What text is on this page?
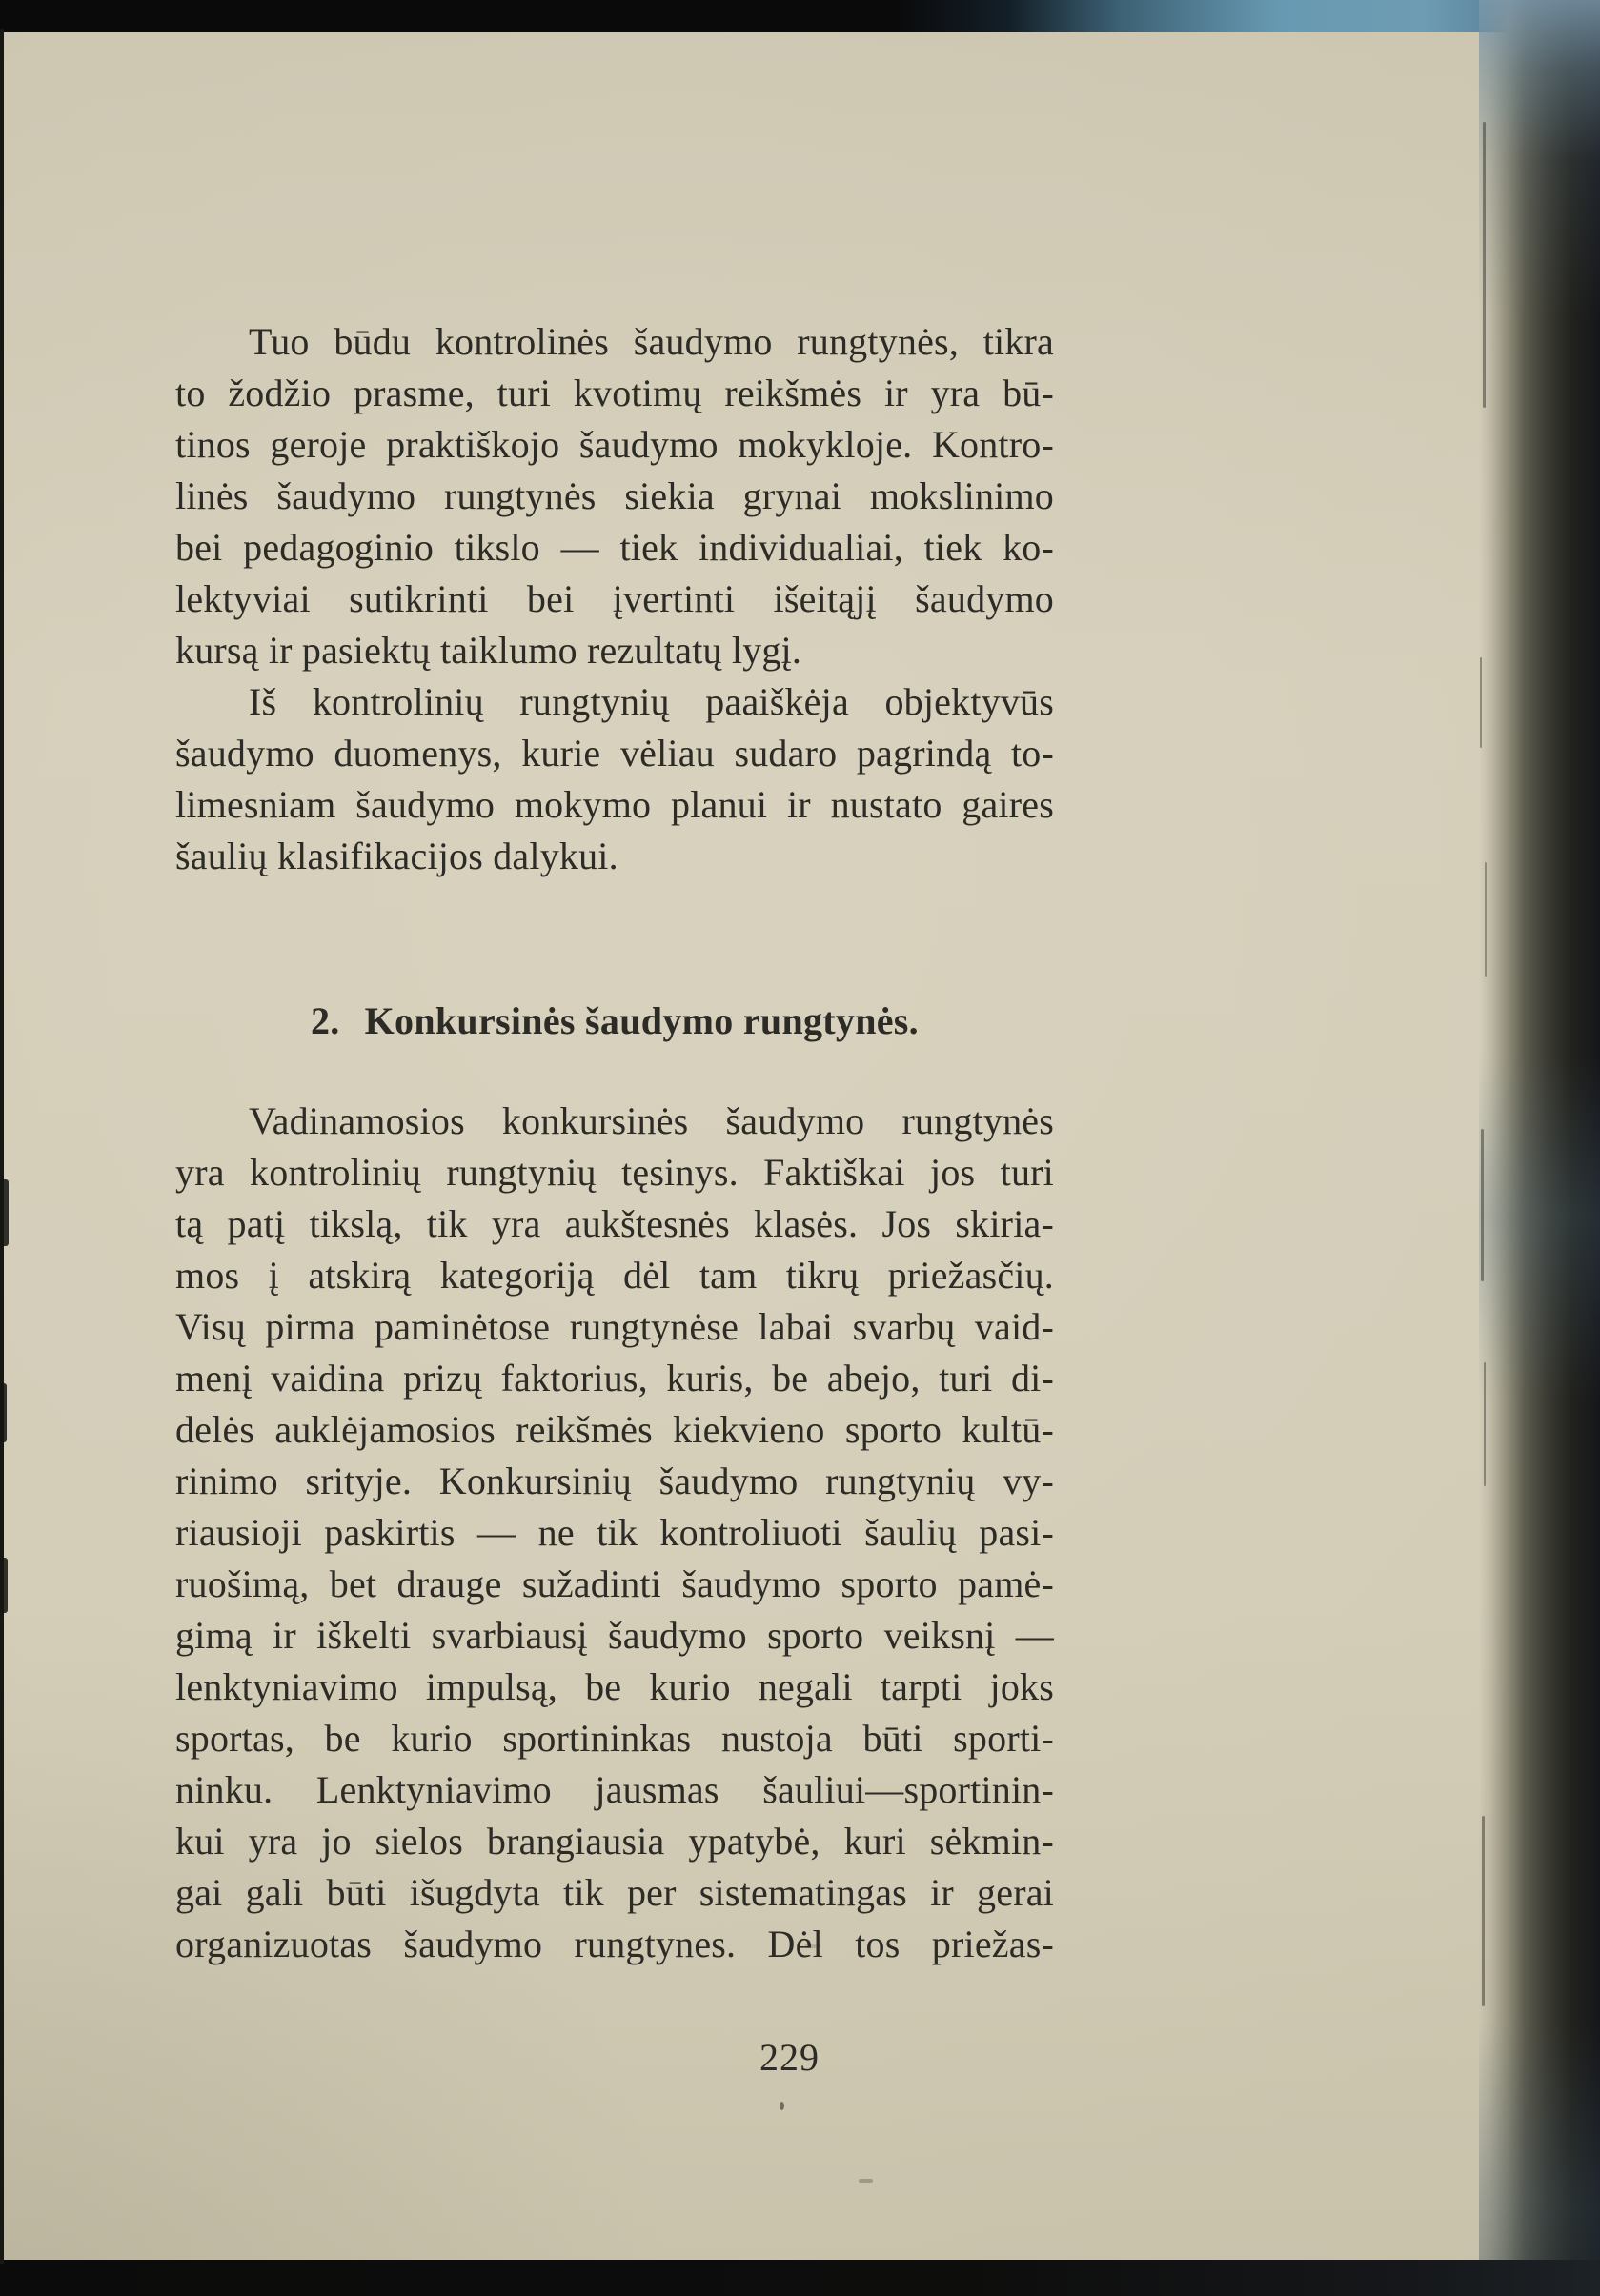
Tuo būdu kontrolinės šaudymo rungtynės, tikra
to žodžio prasme, turi kvotimų reikšmės ir yra bū-
tinos geroje praktiškojo šaudymo mokykloje. Kontro-
linės šaudymo rungtynės siekia grynai mokslinimo
bei pedagoginio tikslo — tiek individualiai, tiek ko-
lektyviai sutikrinti bei įvertinti išeitąjį šaudymo
kursą ir pasiektų taiklumo rezultatų lygį.
Iš kontrolinių rungtynių paaiškėja objektyvūs
šaudymo duomenys, kurie vėliau sudaro pagrindą to-
limesniam šaudymo mokymo planui ir nustato gaires
šaulių klasifikacijos dalykui.
2. Konkursinės šaudymo rungtynės.
Vadinamosios konkursinės šaudymo rungtynės
yra kontrolinių rungtynių tęsinys. Faktiškai jos turi
tą patį tikslą, tik yra aukštesnės klasės. Jos skiria-
mos į atskirą kategoriją dėl tam tikrų priežasčių.
Visų pirma paminėtose rungtynėse labai svarbų vaid-
menį vaidina prizų faktorius, kuris, be abejo, turi di-
delės auklėjamosios reikšmės kiekvieno sporto kultū-
rinimo srityje. Konkursinių šaudymo rungtynių vy-
riausioji paskirtis — ne tik kontroliuoti šaulių pasi-
ruošimą, bet drauge sužadinti šaudymo sporto pamė-
gimą ir iškelti svarbiausį šaudymo sporto veiksnį —
lenktyniavimo impulsą, be kurio negali tarpti joks
sportas, be kurio sportininkas nustoja būti sporti-
ninku. Lenktyniavimo jausmas šauliui—sportinin-
kui yra jo sielos brangiausia ypatybė, kuri sėkmin-
gai gali būti išugdyta tik per sistematingas ir gerai
organizuotas šaudymo rungtynes. Dėl tos priežas-
229
